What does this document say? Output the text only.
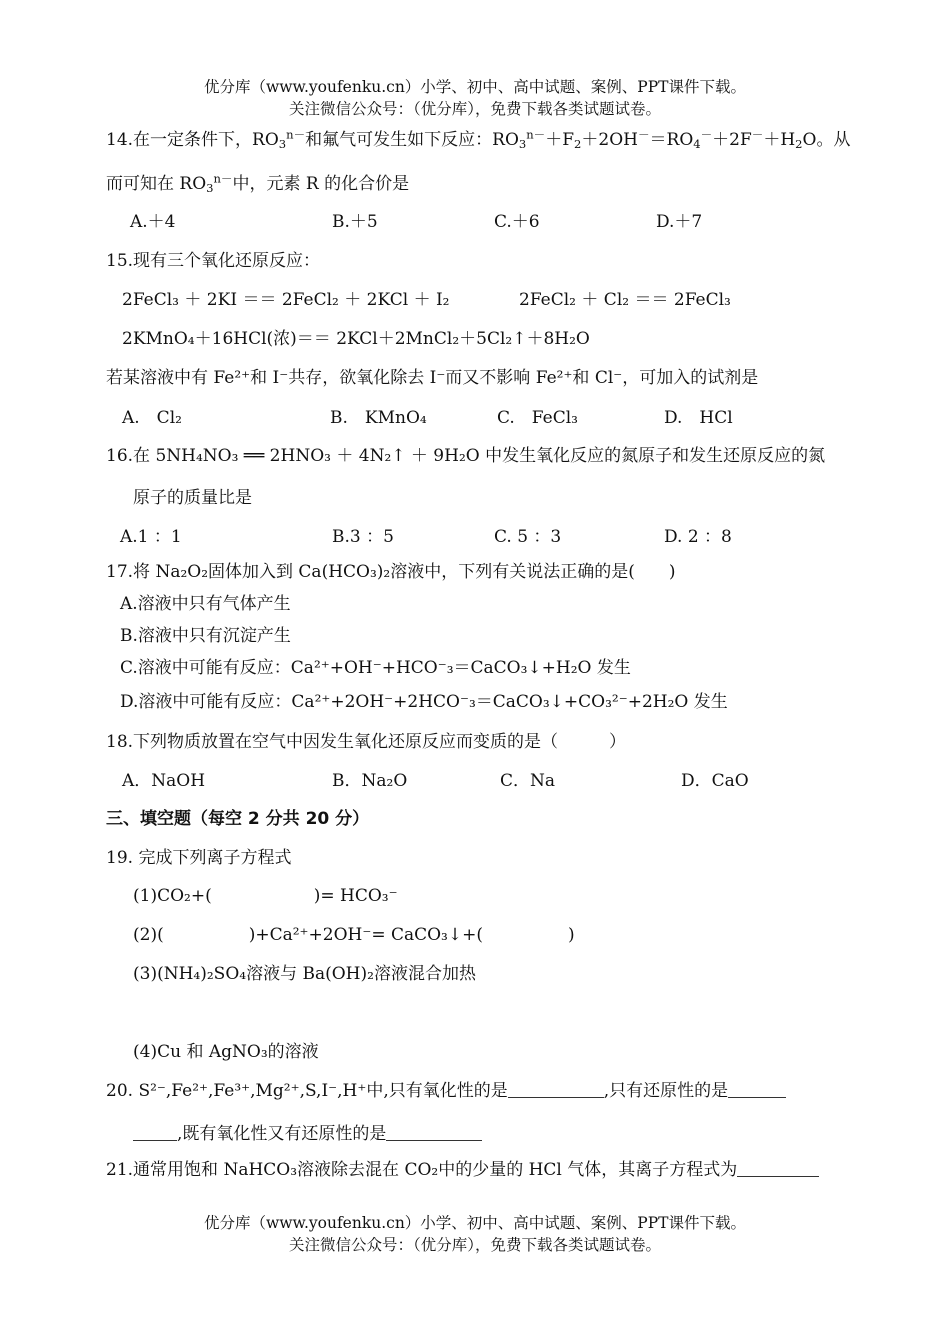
优分库（www.youfenku.cn）小学、初中、高中试题、案例、PPT课件下载。
关注微信公众号：（优分库），免费下载各类试题试卷。
14.在一定条件下，$RO_3^{n-}$和氟气可发生如下反应：$RO_3^{n-}+F_2+2OH^-=RO_4^-+2F^-+H_2O$。从
而可知在 $RO_3^{n-}$中，元素 R 的化合价是
A.＋4	B.＋5	C.＋6	D.＋7
15.现有三个氧化还原反应：
2FeCl₃ ＋ 2KI ＝＝ 2FeCl₂ ＋ 2KCl ＋ I₂	2FeCl₂ ＋ Cl₂ ＝＝ 2FeCl₃
2KMnO₄＋16HCl(浓)＝＝ 2KCl＋2MnCl₂＋5Cl₂↑＋8H₂O
若某溶液中有 Fe²⁺和 I⁻共存，欲氧化除去 I⁻而又不影响 Fe²⁺和 Cl⁻，可加入的试剂是
A.　Cl₂	B.　KMnO₄	C.　FeCl₃	D.　HCl
16.在 5NH₄NO₃ ══ 2HNO₃ ＋ 4N₂↑ ＋ 9H₂O 中发生氧化反应的氮原子和发生还原反应的氮
原子的质量比是
A.1 ：1	B.3 ：5	C. 5 ：3	D. 2 ：8
17.将 Na₂O₂固体加入到 Ca(HCO₃)₂溶液中，下列有关说法正确的是(　　)
A.溶液中只有气体产生
B.溶液中只有沉淀产生
C.溶液中可能有反应：Ca²⁺+OH⁻+HCO⁻₃＝CaCO₃↓+H₂O 发生
D.溶液中可能有反应：Ca²⁺+2OH⁻+2HCO⁻₃＝CaCO₃↓+CO₃²⁻+2H₂O 发生
18.下列物质放置在空气中因发生氧化还原反应而变质的是（　　　）
A．NaOH	B．Na₂O	C．Na	D．CaO
三、填空题（每空 2 分共 20 分）
19. 完成下列离子方程式
(1)CO₂+(　　　　　　)= HCO₃⁻
(2)(　　　　　)+Ca²⁺+2OH⁻= CaCO₃↓+(　　　　　)
(3)(NH₄)₂SO₄溶液与 Ba(OH)₂溶液混合加热
(4)Cu 和 AgNO₃的溶液
20. S²⁻,Fe²⁺,Fe³⁺,Mg²⁺,S,I⁻,H⁺中,只有氧化性的是	,只有还原性的是
,既有氧化性又有还原性的是
21.通常用饱和 NaHCO₃溶液除去混在 CO₂中的少量的 HCl 气体，其离子方程式为
优分库（www.youfenku.cn）小学、初中、高中试题、案例、PPT课件下载。
关注微信公众号：（优分库），免费下载各类试题试卷。
